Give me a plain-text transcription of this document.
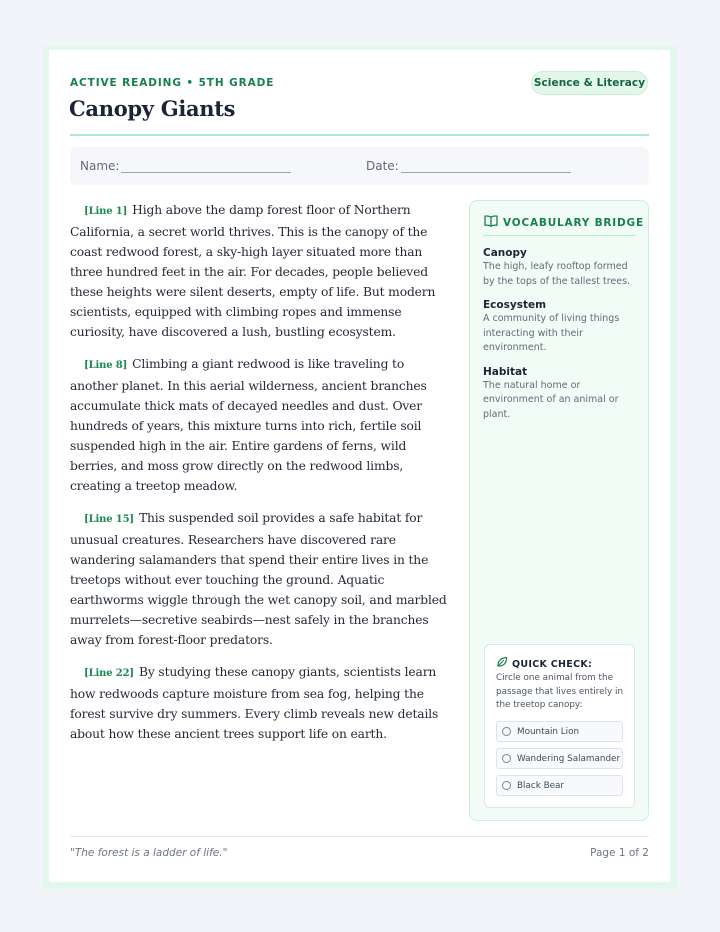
ACTIVE READING • 5TH GRADE	Science & Literacy
Canopy Giants
Name:	Date:

[Line 1] High above the damp forest floor of Northern California, a secret world thrives. This is the canopy of the coast redwood forest, a sky-high layer situated more than three hundred feet in the air. For decades, people believed these heights were silent deserts, empty of life. But modern scientists, equipped with climbing ropes and immense curiosity, have discovered a lush, bustling ecosystem.

[Line 8] Climbing a giant redwood is like traveling to another planet. In this aerial wilderness, ancient branches accumulate thick mats of decayed needles and dust. Over hundreds of years, this mixture turns into rich, fertile soil suspended high in the air. Entire gardens of ferns, wild berries, and moss grow directly on the redwood limbs, creating a treetop meadow.

[Line 15] This suspended soil provides a safe habitat for unusual creatures. Researchers have discovered rare wandering salamanders that spend their entire lives in the treetops without ever touching the ground. Aquatic earthworms wiggle through the wet canopy soil, and marbled murrelets—secretive seabirds—nest safely in the branches away from forest-floor predators.

[Line 22] By studying these canopy giants, scientists learn how redwoods capture moisture from sea fog, helping the forest survive dry summers. Every climb reveals new details about how these ancient trees support life on earth.

VOCABULARY BRIDGE
Canopy
The high, leafy rooftop formed by the tops of the tallest trees.
Ecosystem
A community of living things interacting with their environment.
Habitat
The natural home or environment of an animal or plant.
QUICK CHECK:
Circle one animal from the passage that lives entirely in the treetop canopy:
Mountain Lion
Wandering Salamander
Black Bear
"The forest is a ladder of life."	Page 1 of 2
